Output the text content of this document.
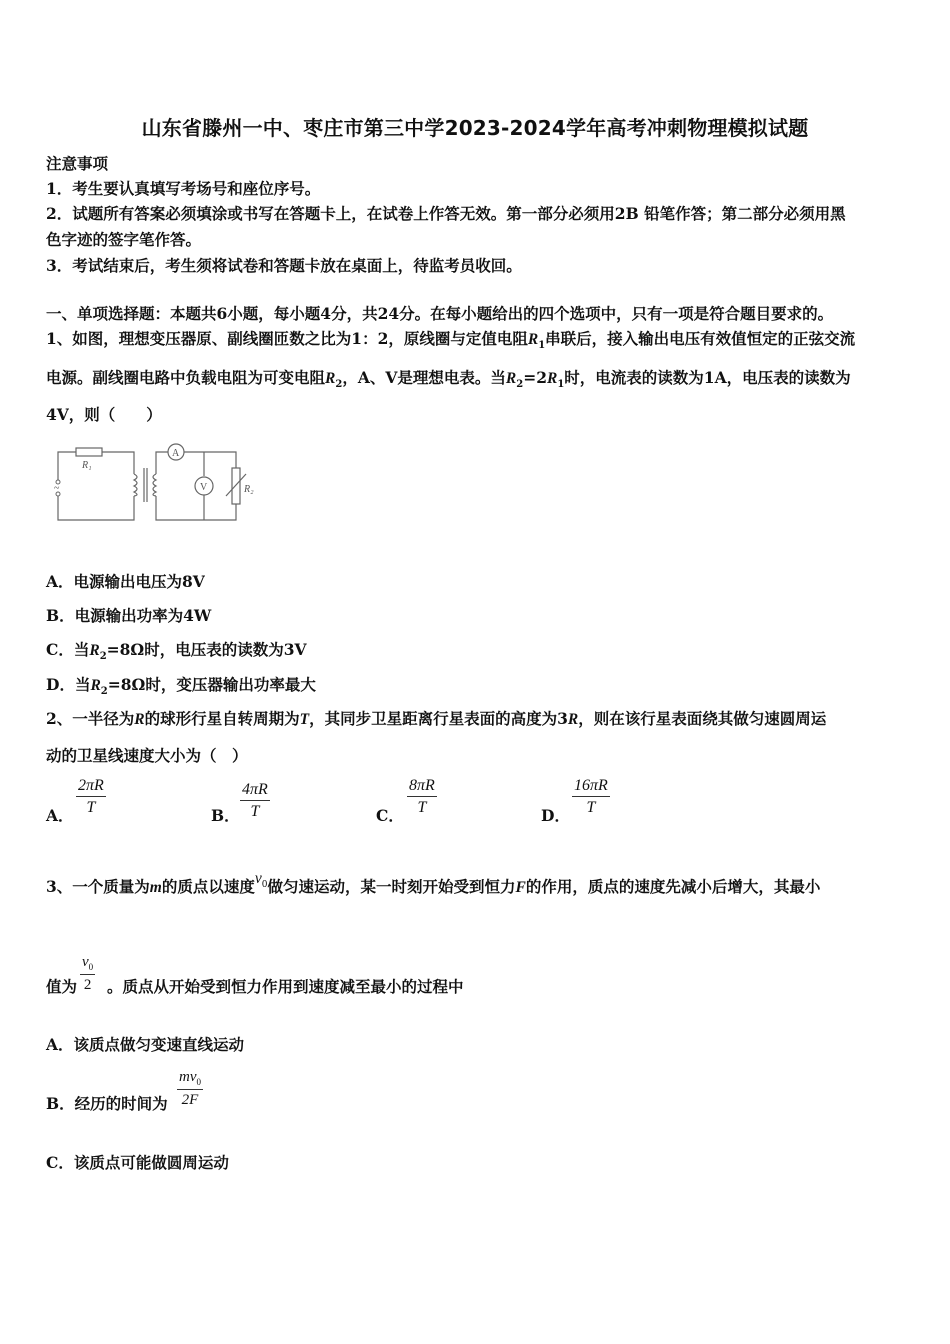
山东省滕州一中、枣庄市第三中学2023-2024学年高考冲刺物理模拟试题
注意事项
1．考生要认真填写考场号和座位序号。
2．试题所有答案必须填涂或书写在答题卡上，在试卷上作答无效。第一部分必须用2B 铅笔作答；第二部分必须用黑
色字迹的签字笔作答。
3．考试结束后，考生须将试卷和答题卡放在桌面上，待监考员收回。
一、单项选择题：本题共6小题，每小题4分，共24分。在每小题给出的四个选项中，只有一项是符合题目要求的。
1、如图，理想变压器原、副线圈匝数之比为1：2，原线圈与定值电阻$R_1$串联后，接入输出电压有效值恒定的正弦交流
电源。副线圈电路中负载电阻为可变电阻$R_2$，A、V是理想电表。当$R_2=2R_1$时，电流表的读数为1A，电压表的读数为
4V，则（　　）
~
R₁
A
V	R₂
A．电源输出电压为8V
B．电源输出功率为4W
C．当$R_2=8\Omega$时，电压表的读数为3V
D．当$R_2=8\Omega$时，变压器输出功率最大
2、一半径为R的球形行星自转周期为T，其同步卫星距离行星表面的高度为3R，则在该行星表面绕其做匀速圆周运
动的卫星线速度大小为（　）
A． $\frac{2\pi R}{T}$	B． $\frac{4\pi R}{T}$	C． $\frac{8\pi R}{T}$	D． $\frac{16\pi R}{T}$
3、一个质量为m的质点以速度$v_0$做匀速运动，某一时刻开始受到恒力F的作用，质点的速度先减小后增大，其最小
值为 。质点从开始受到恒力作用到速度减至最小的过程中
$\frac{v_0}{2}$
A．该质点做匀变速直线运动
B．经历的时间为 $\frac{mv_0}{2F}$
C．该质点可能做圆周运动
